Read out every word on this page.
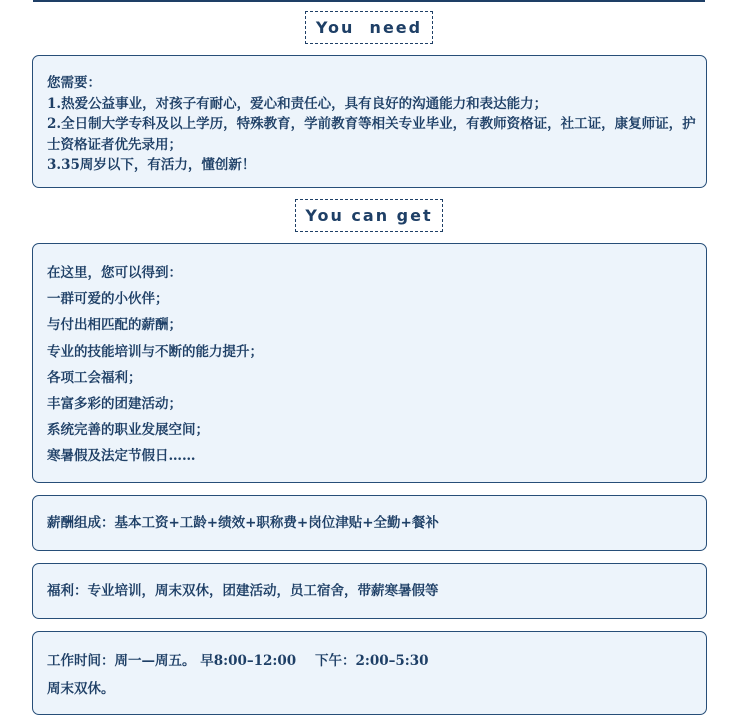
You  need
您需要：
1.热爱公益事业，对孩子有耐心，爱心和责任心，具有良好的沟通能力和表达能力；
2.全日制大学专科及以上学历，特殊教育，学前教育等相关专业毕业，有教师资格证，社工证，康复师证，护士资格证者优先录用；
3.35周岁以下，有活力，懂创新！
You can get
在这里，您可以得到：
一群可爱的小伙伴；
与付出相匹配的薪酬；
专业的技能培训与不断的能力提升；
各项工会福利；
丰富多彩的团建活动；
系统完善的职业发展空间；
寒暑假及法定节假日……
薪酬组成：基本工资+工龄+绩效+职称费+岗位津贴+全勤+餐补
福利：专业培训，周末双休，团建活动，员工宿舍，带薪寒暑假等
工作时间：周一—周五。 早8:00–12:00    下午：2:00–5:30
周末双休。
